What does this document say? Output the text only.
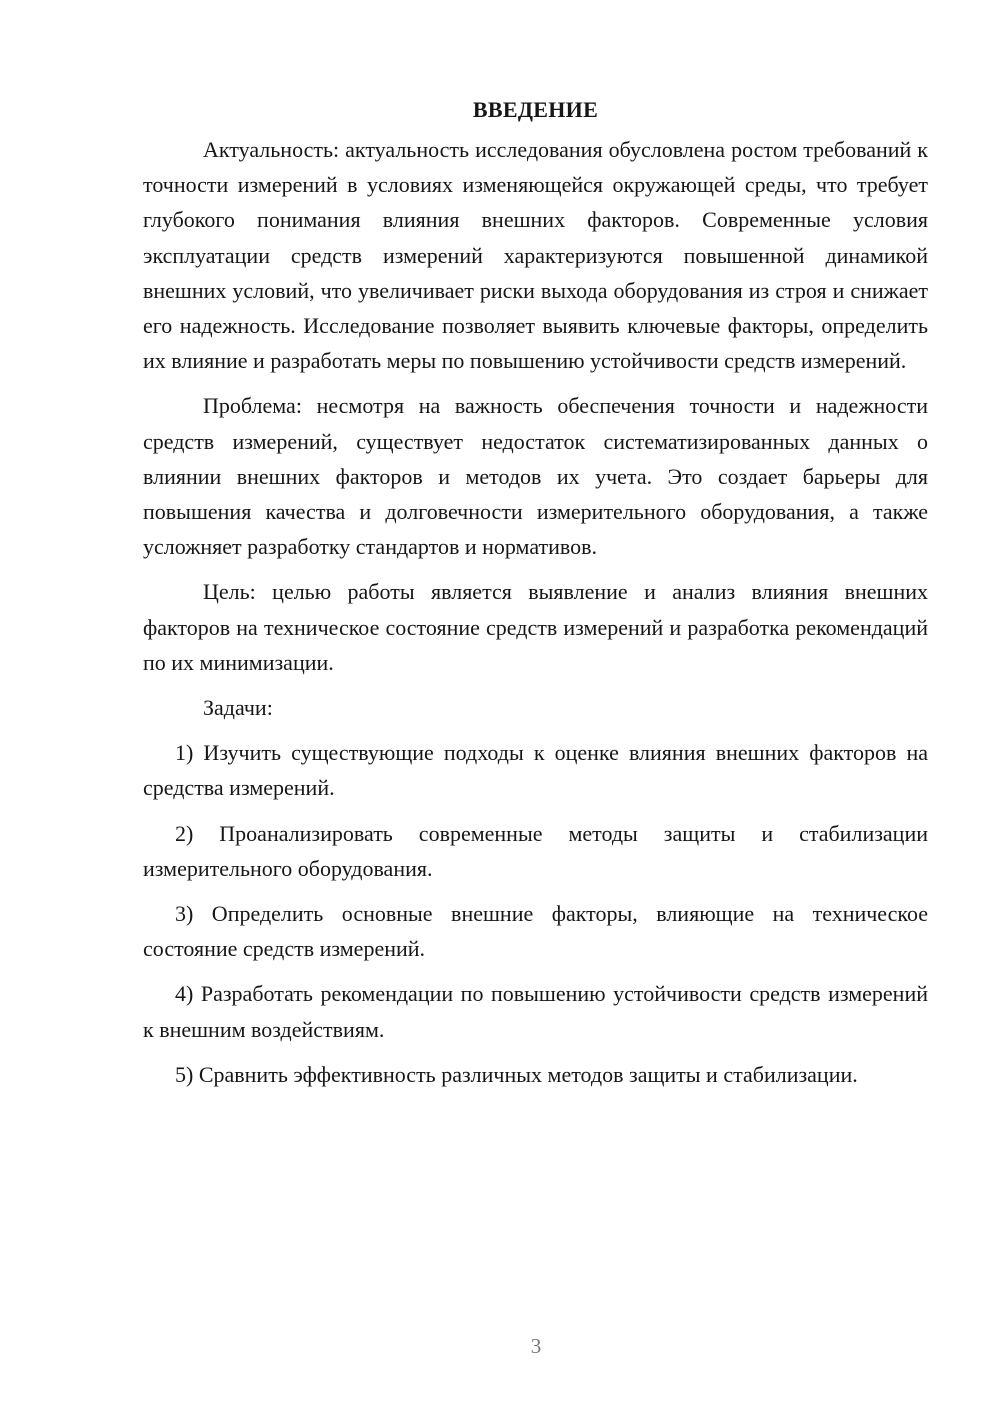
ВВЕДЕНИЕ

Актуальность: актуальность исследования обусловлена ростом требований к точности измерений в условиях изменяющейся окружающей среды, что требует глубокого понимания влияния внешних факторов. Современные условия эксплуатации средств измерений характеризуются повышенной динамикой внешних условий, что увеличивает риски выхода оборудования из строя и снижает его надежность. Исследование позволяет выявить ключевые факторы, определить их влияние и разработать меры по повышению устойчивости средств измерений.

Проблема: несмотря на важность обеспечения точности и надежности средств измерений, существует недостаток систематизированных данных о влиянии внешних факторов и методов их учета. Это создает барьеры для повышения качества и долговечности измерительного оборудования, а также усложняет разработку стандартов и нормативов.

Цель: целью работы является выявление и анализ влияния внешних факторов на техническое состояние средств измерений и разработка рекомендаций по их минимизации.

Задачи:

1) Изучить существующие подходы к оценке влияния внешних факторов на средства измерений.

2) Проанализировать современные методы защиты и стабилизации измерительного оборудования.

3) Определить основные внешние факторы, влияющие на техническое состояние средств измерений.

4) Разработать рекомендации по повышению устойчивости средств измерений к внешним воздействиям.

5) Сравнить эффективность различных методов защиты и стабилизации.

3
